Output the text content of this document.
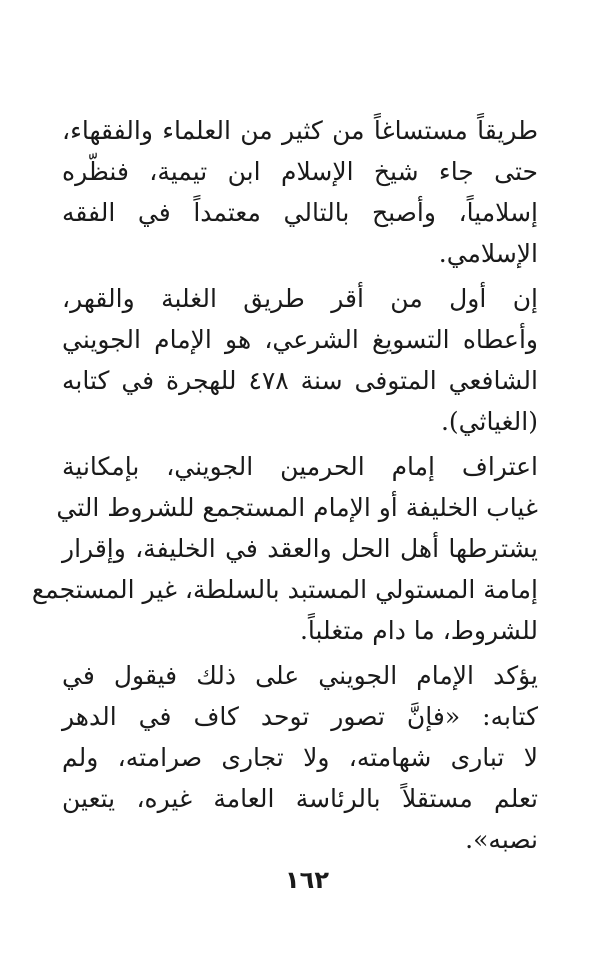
طريقاً مستساغاً من كثير من العلماء والفقهاء،
حتى جاء شيخ الإسلام ابن تيمية، فنظّره
إسلامياً، وأصبح بالتالي معتمداً في الفقه
الإسلامي.

إن أول من أقر طريق الغلبة والقهر،
وأعطاه التسويغ الشرعي، هو الإمام الجويني
الشافعي المتوفى سنة ٤٧٨ للهجرة في كتابه
(الغياثي).

اعتراف إمام الحرمين الجويني، بإمكانية
غياب الخليفة أو الإمام المستجمع للشروط التي
يشترطها أهل الحل والعقد في الخليفة، وإقرار
إمامة المستولي المستبد بالسلطة، غير المستجمع
للشروط، ما دام متغلباً.

يؤكد الإمام الجويني على ذلك فيقول في
كتابه: «فإنَّ تصور توحد كاف في الدهر
لا تبارى شهامته، ولا تجارى صرامته، ولم
تعلم مستقلاً بالرئاسة العامة غيره، يتعين
نصبه».

١٦٢
